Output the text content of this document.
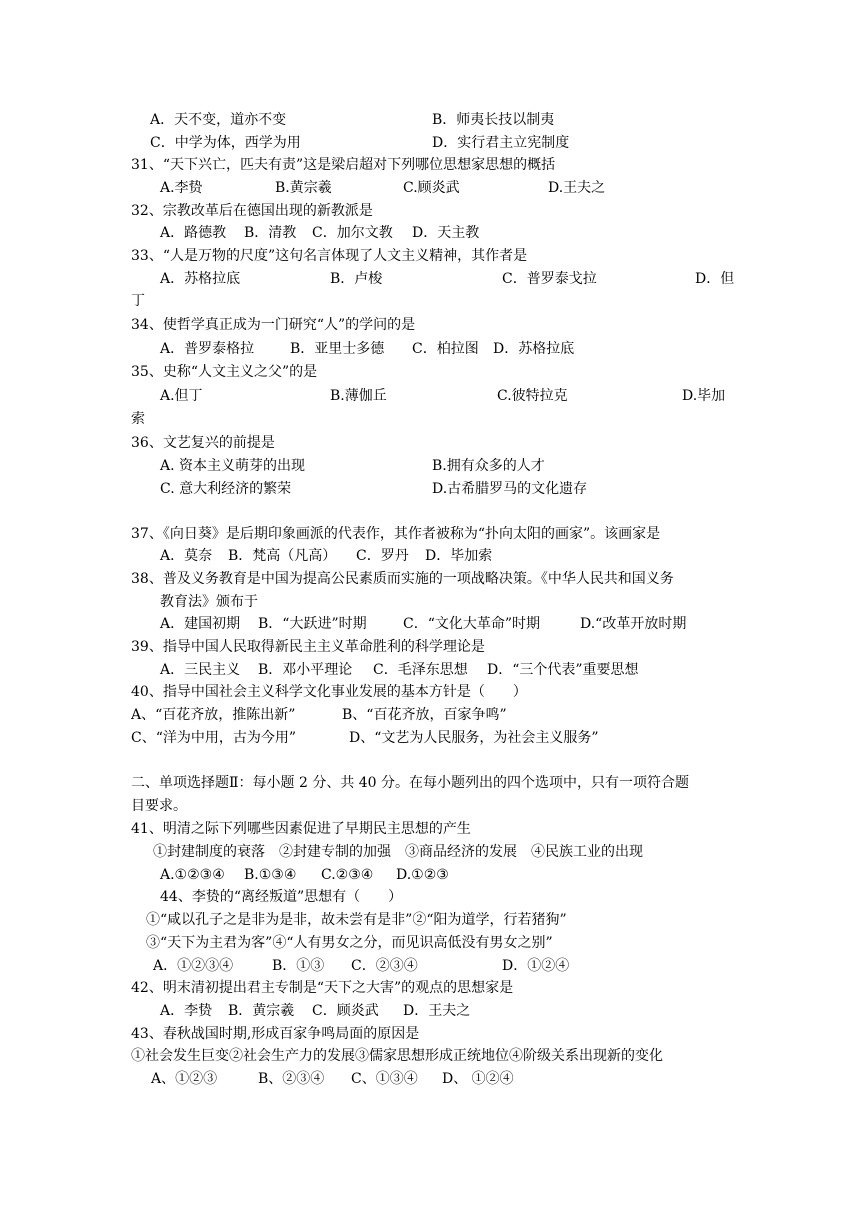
A．天不变，道亦不变	B．师夷长技以制夷
C．中学为体，西学为用	D．实行君主立宪制度
31、“天下兴亡，匹夫有责”这是梁启超对下列哪位思想家思想的概括
A.李贽	B.黄宗羲	C.顾炎武	D.王夫之
32、宗教改革后在德国出现的新教派是
A．路德教 B．清教 C．加尔文教 D．天主教
33、“人是万物的尺度”这句名言体现了人文主义精神，其作者是
A．苏格拉底	B．卢梭	C．普罗泰戈拉	D．但
丁
34、使哲学真正成为一门研究“人”的学问的是
A．普罗泰格拉	B．亚里士多德 C．柏拉图 D．苏格拉底
35、史称“人文主义之父”的是
A.但丁	B.薄伽丘	C.彼特拉克	D.毕加
索
36、文艺复兴的前提是
A. 资本主义萌芽的出现	B.拥有众多的人才
C. 意大利经济的繁荣	D.古希腊罗马的文化遗存
37、《向日葵》是后期印象画派的代表作，其作者被称为“扑向太阳的画家”。该画家是
A．莫奈 B．梵高（凡高） C．罗丹 D．毕加索
38、普及义务教育是中国为提高公民素质而实施的一项战略决策。《中华人民共和国义务
教育法》颁布于
A．建国初期 B．“大跃进”时期	C．“文化大革命”时期	D.“改革开放时期
39、指导中国人民取得新民主主义革命胜利的科学理论是
A．三民主义 B．邓小平理论 C．毛泽东思想 D．“三个代表”重要思想
40、指导中国社会主义科学文化事业发展的基本方针是（　　）
A、“百花齐放，推陈出新”	B、“百花齐放，百家争鸣”
C、“洋为中用，古为今用”	D、“文艺为人民服务，为社会主义服务”
二、单项选择题Ⅱ：每小题 2 分、共 40 分。在每小题列出的四个选项中，只有一项符合题
目要求。
41、明清之际下列哪些因素促进了早期民主思想的产生
①封建制度的衰落　②封建专制的加强　③商品经济的发展　④民族工业的出现
A.①②③④ B.①③④ C.②③④ D.①②③
44、李贽的“离经叛道”思想有（　　）
①“咸以孔子之是非为是非，故未尝有是非”②“阳为道学，行若猪狗”
③“天下为主君为客”④“人有男女之分，而见识高低没有男女之别”
A．①②③④	B．①③ C．②③④	D．①②④
42、明末清初提出君主专制是“天下之大害”的观点的思想家是
A．李贽 B．黄宗羲 C．顾炎武 D．王夫之
43、春秋战国时期,形成百家争鸣局面的原因是
①社会发生巨变②社会生产力的发展③儒家思想形成正统地位④阶级关系出现新的变化
A、①②③	B、②③④ C、①③④ D、 ①②④
